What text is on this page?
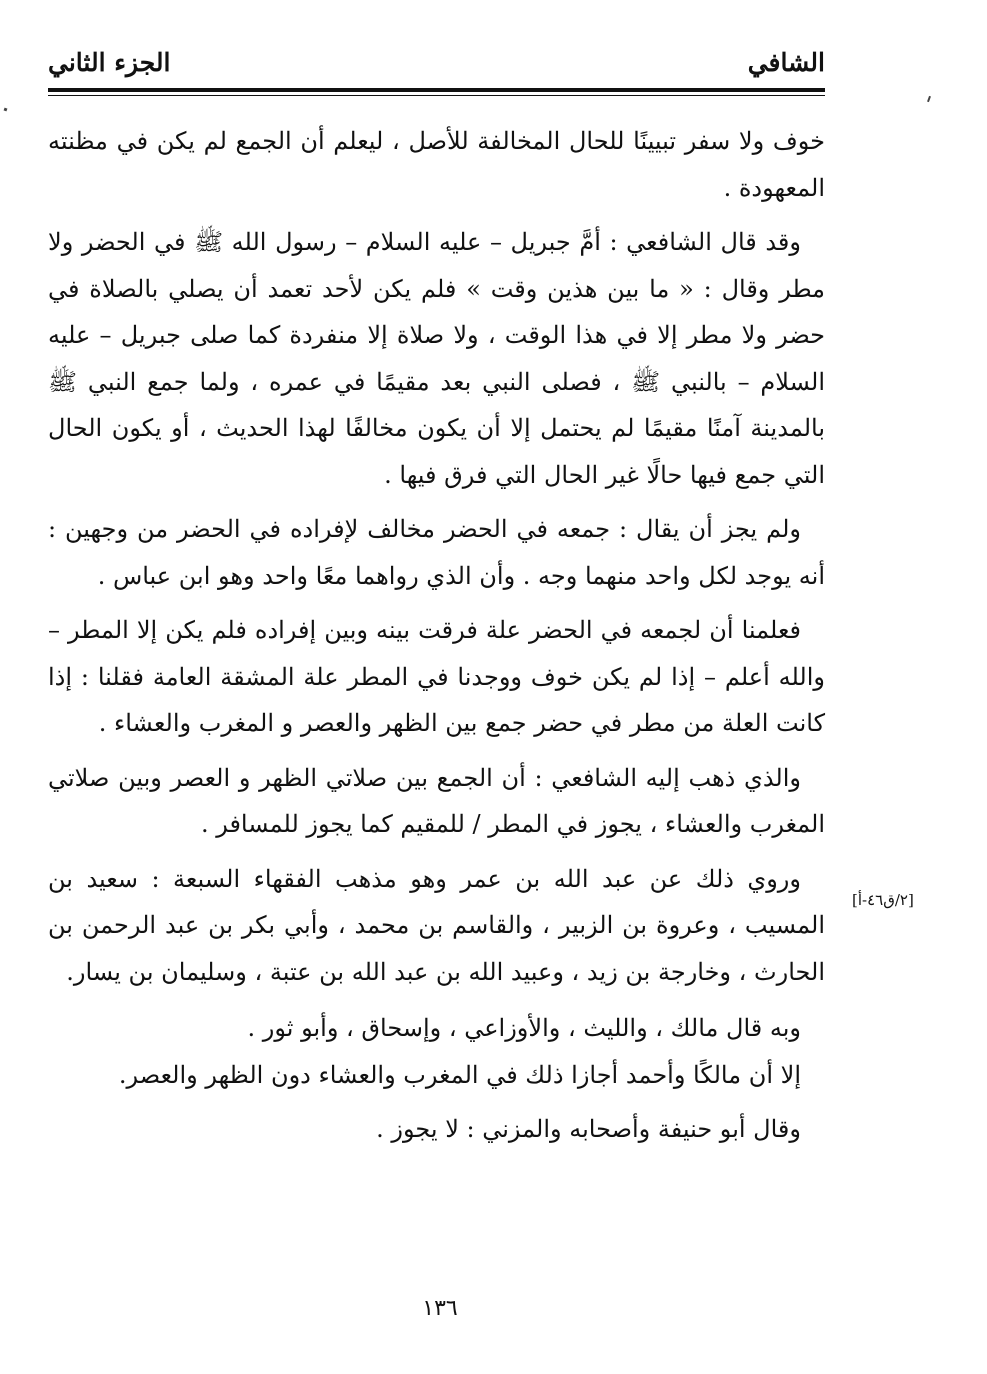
الشافي
الجزء الثاني

خوف ولا سفر تبيينًا للحال المخالفة للأصل ، ليعلم أن الجمع لم يكن في مظنته المعهودة .

وقد قال الشافعي : أمَّ جبريل – عليه السلام – رسول الله ﷺ في الحضر ولا مطر وقال : « ما بين هذين وقت » فلم يكن لأحد تعمد أن يصلي بالصلاة في حضر ولا مطر إلا في هذا الوقت ، ولا صلاة إلا منفردة كما صلى جبريل – عليه السلام – بالنبي ﷺ ، فصلى النبي بعد مقيمًا في عمره ، ولما جمع النبي ﷺ بالمدينة آمنًا مقيمًا لم يحتمل إلا أن يكون مخالفًا لهذا الحديث ، أو يكون الحال التي جمع فيها حالًا غير الحال التي فرق فيها .

ولم يجز أن يقال : جمعه في الحضر مخالف لإفراده في الحضر من وجهين : أنه يوجد لكل واحد منهما وجه . وأن الذي رواهما معًا واحد وهو ابن عباس .

فعلمنا أن لجمعه في الحضر علة فرقت بينه وبين إفراده فلم يكن إلا المطر – والله أعلم – إذا لم يكن خوف ووجدنا في المطر علة المشقة العامة فقلنا : إذا كانت العلة من مطر في حضر جمع بين الظهر والعصر و المغرب والعشاء .

والذي ذهب إليه الشافعي : أن الجمع بين صلاتي الظهر و العصر وبين صلاتي المغرب والعشاء ، يجوز في المطر / للمقيم كما يجوز للمسافر .

وروي ذلك عن عبد الله بن عمر وهو مذهب الفقهاء السبعة : سعيد بن المسيب ، وعروة بن الزبير ، والقاسم بن محمد ، وأبي بكر بن عبد الرحمن بن الحارث ، وخارجة بن زيد ، وعبيد الله بن عبد الله بن عتبة ، وسليمان بن يسار.

وبه قال مالك ، والليث ، والأوزاعي ، وإسحاق ، وأبو ثور .

إلا أن مالكًا وأحمد أجازا ذلك في المغرب والعشاء دون الظهر والعصر.

وقال أبو حنيفة وأصحابه والمزني : لا يجوز .

[٢/ق٤٦-أ]
١٣٦
